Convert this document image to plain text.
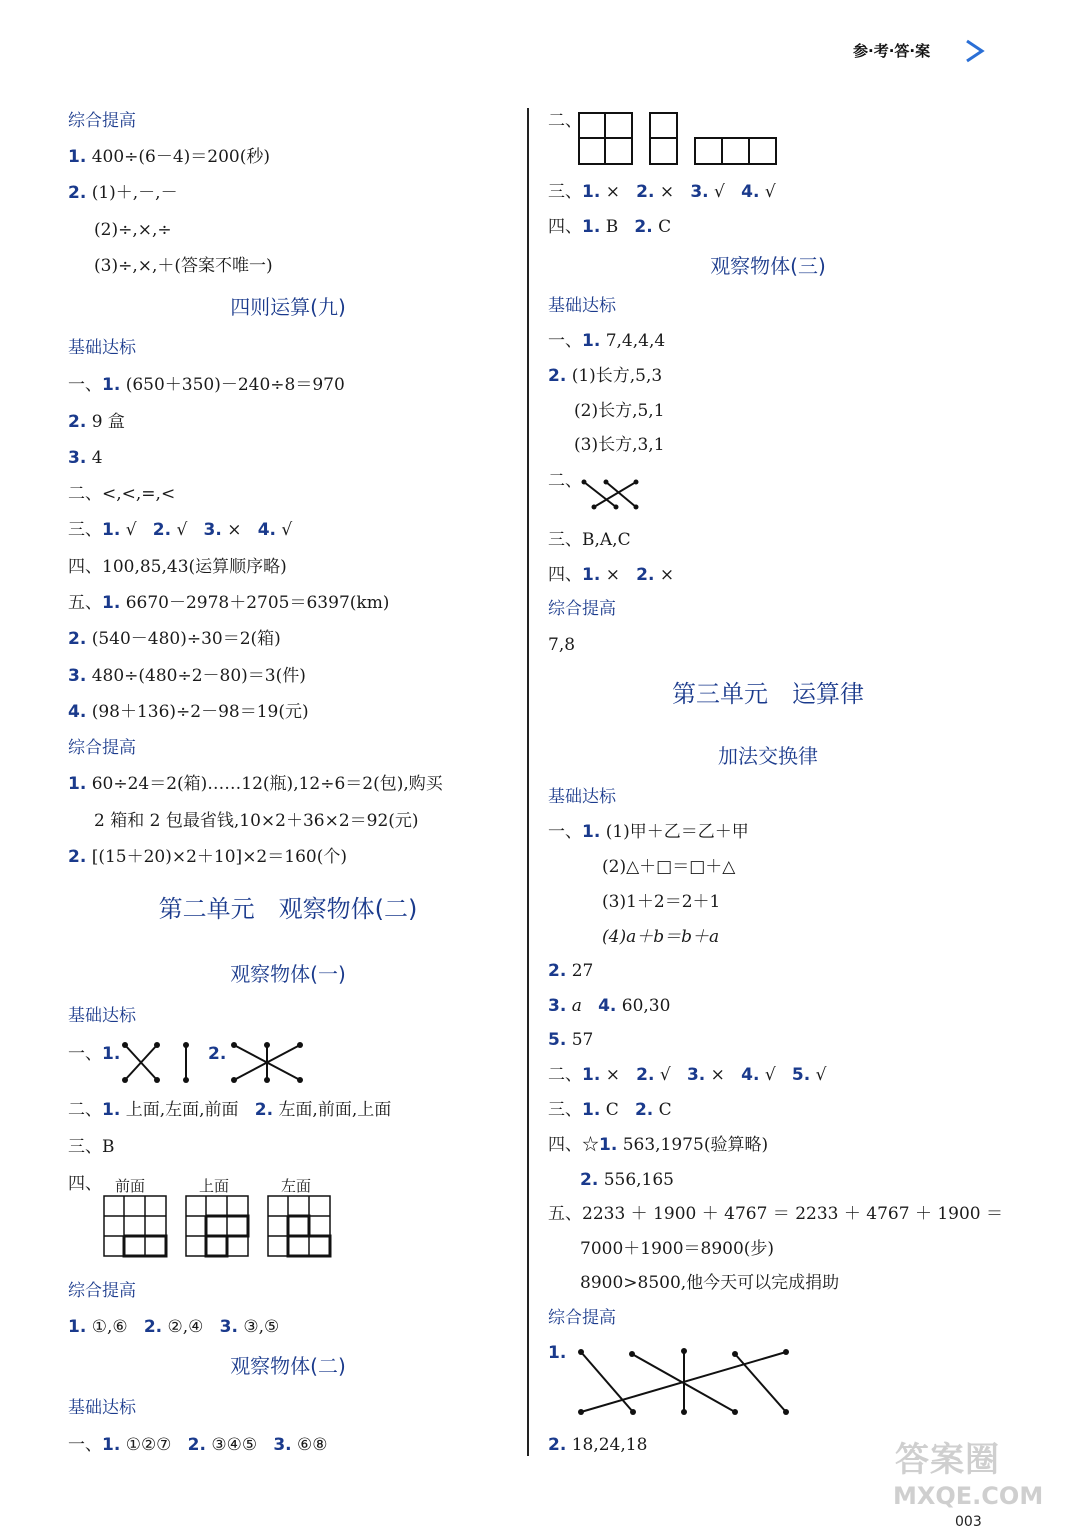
参·考·答·案
综合提高
1. 400÷(6－4)＝200(秒)
2. (1)＋,－,－
(2)÷,×,÷
(3)÷,×,＋(答案不唯一)
四则运算(九)
基础达标
一、1. (650＋350)－240÷8＝970
2. 9 盒
3. 4
二、<,<,=,<
三、1. √ 2. √ 3. × 4. √
四、100,85,43(运算顺序略)
五、1. 6670－2978＋2705＝6397(km)
2. (540－480)÷30＝2(箱)
3. 480÷(480÷2－80)＝3(件)
4. (98＋136)÷2－98＝19(元)
综合提高
1. 60÷24＝2(箱)……12(瓶),12÷6＝2(包),购买
2 箱和 2 包最省钱,10×2＋36×2＝92(元)
2. [(15＋20)×2＋10]×2＝160(个)
第二单元　观察物体(二)
观察物体(一)
基础达标
一、1.	2.
二、1. 上面,左面,前面 2. 左面,前面,上面
三、B
四、 前面	上面	左面
综合提高
1. ①,⑥ 2. ②,④ 3. ③,⑤
观察物体(二)
基础达标
一、1. ①②⑦ 2. ③④⑤ 3. ⑥⑧
二、
三、1. × 2. × 3. √ 4. √
四、1. B 2. C
观察物体(三)
基础达标
一、1. 7,4,4,4
2. (1)长方,5,3
(2)长方,5,1
(3)长方,3,1
二、
三、B,A,C
四、1. × 2. ×
综合提高
7,8
第三单元　运算律
加法交换律
基础达标
一、1. (1)甲＋乙＝乙＋甲
(2)△＋□＝□＋△
(3)1＋2＝2＋1
(4)a＋b＝b＋a
2. 27
3. a 4. 60,30
5. 57
二、1. × 2. √ 3. × 4. √ 5. √
三、1. C 2. C
四、☆1. 563,1975(验算略)
2. 556,165
五、2233 ＋ 1900 ＋ 4767 ＝ 2233 ＋ 4767 ＋ 1900 ＝
7000＋1900＝8900(步)
8900>8500,他今天可以完成捐助
综合提高
1.
2. 18,24,18	答案圈
MXQE.COM
003
